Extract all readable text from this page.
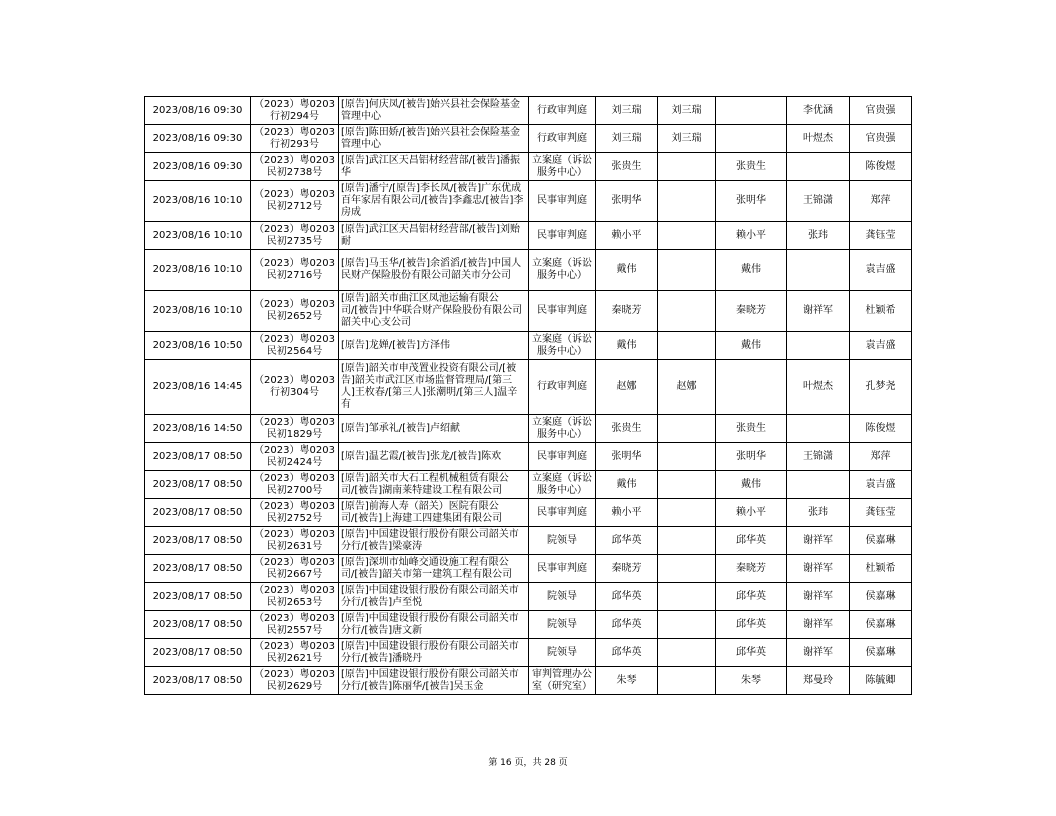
2023/08/16 09:30	（2023）粤0203行初294号	[原告]何庆凤/[被告]始兴县社会保险基金管理中心	行政审判庭	刘三瑞	刘三瑞		李优涵	官贵强
2023/08/16 09:30	（2023）粤0203行初293号	[原告]陈田娇/[被告]始兴县社会保险基金管理中心	行政审判庭	刘三瑞	刘三瑞		叶煜杰	官贵强
2023/08/16 09:30	（2023）粤0203民初2738号	[原告]武江区天昌铝材经营部/[被告]潘振华	立案庭（诉讼服务中心）	张贵生		张贵生		陈俊煜
2023/08/16 10:10	（2023）粤0203民初2712号	[原告]潘宁/[原告]李长凤/[被告]广东优成百年家居有限公司/[被告]李鑫忠/[被告]李房成	民事审判庭	张明华		张明华	王锦潇	郑萍
2023/08/16 10:10	（2023）粤0203民初2735号	[原告]武江区天昌铝材经营部/[被告]刘贻耐	民事审判庭	赖小平		赖小平	张玮	龚钰莹
2023/08/16 10:10	（2023）粤0203民初2716号	[原告]马玉华/[被告]余滔滔/[被告]中国人民财产保险股份有限公司韶关市分公司	立案庭（诉讼服务中心）	戴伟		戴伟		袁吉盛
2023/08/16 10:10	（2023）粤0203民初2652号	[原告]韶关市曲江区凤池运输有限公司/[被告]中华联合财产保险股份有限公司韶关中心支公司	民事审判庭	秦晓芳		秦晓芳	谢祥军	杜颖希
2023/08/16 10:50	（2023）粤0203民初2564号	[原告]龙婵/[被告]方泽伟	立案庭（诉讼服务中心）	戴伟		戴伟		袁吉盛
2023/08/16 14:45	（2023）粤0203行初304号	[原告]韶关市申茂置业投资有限公司/[被告]韶关市武江区市场监督管理局/[第三人]王枚春/[第三人]张潮明/[第三人]温辛有	行政审判庭	赵娜	赵娜		叶煜杰	孔梦尧
2023/08/16 14:50	（2023）粤0203民初1829号	[原告]邹承礼/[被告]卢绍献	立案庭（诉讼服务中心）	张贵生		张贵生		陈俊煜
2023/08/17 08:50	（2023）粤0203民初2424号	[原告]温艺霞/[被告]张龙/[被告]陈欢	民事审判庭	张明华		张明华	王锦潇	郑萍
2023/08/17 08:50	（2023）粤0203民初2700号	[原告]韶关市大石工程机械租赁有限公司/[被告]湖南莱特建设工程有限公司	立案庭（诉讼服务中心）	戴伟		戴伟		袁吉盛
2023/08/17 08:50	（2023）粤0203民初2752号	[原告]前海人寿（韶关）医院有限公司/[被告]上海建工四建集团有限公司	民事审判庭	赖小平		赖小平	张玮	龚钰莹
2023/08/17 08:50	（2023）粤0203民初2631号	[原告]中国建设银行股份有限公司韶关市分行/[被告]梁豪涛	院领导	邱华英		邱华英	谢祥军	侯嘉琳
2023/08/17 08:50	（2023）粤0203民初2667号	[原告]深圳市灿峰交通设施工程有限公司/[被告]韶关市第一建筑工程有限公司	民事审判庭	秦晓芳		秦晓芳	谢祥军	杜颖希
2023/08/17 08:50	（2023）粤0203民初2653号	[原告]中国建设银行股份有限公司韶关市分行/[被告]卢至悦	院领导	邱华英		邱华英	谢祥军	侯嘉琳
2023/08/17 08:50	（2023）粤0203民初2557号	[原告]中国建设银行股份有限公司韶关市分行/[被告]唐文新	院领导	邱华英		邱华英	谢祥军	侯嘉琳
2023/08/17 08:50	（2023）粤0203民初2621号	[原告]中国建设银行股份有限公司韶关市分行/[被告]潘晓丹	院领导	邱华英		邱华英	谢祥军	侯嘉琳
2023/08/17 08:50	（2023）粤0203民初2629号	[原告]中国建设银行股份有限公司韶关市分行/[被告]陈丽华/[被告]吴玉金	审判管理办公室（研究室）	朱琴		朱琴	郑曼玲	陈毓卿
第 16 页，共 28 页
